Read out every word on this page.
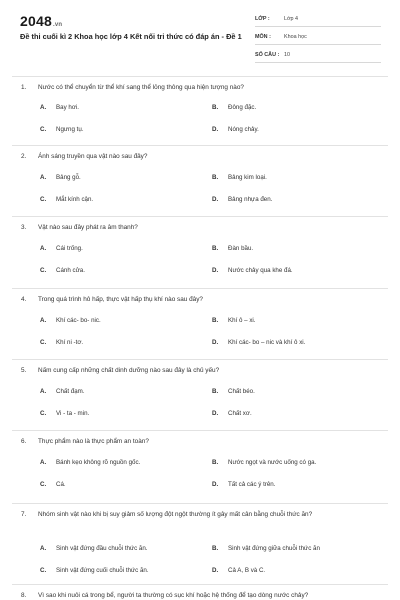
2048.vn
Đề thi cuối kì 2 Khoa học lớp 4 Kết nối tri thức có đáp án - Đề 1
LỚP :	Lớp 4
MÔN : Khoa học
SỐ CÂU : 10
1. Nước có thể chuyển từ thể khí sang thể lỏng thông qua hiện tượng nào?
A. Bay hơi.	B. Đông đặc.
C. Ngưng tụ.	D. Nóng chảy.
2. Ánh sáng truyền qua vật nào sau đây?
A. Bảng gỗ.	B. Bảng kim loại.
C. Mắt kính cận.	D. Bảng nhựa đen.
3. Vật nào sau đây phát ra âm thanh?
A. Cái trống.	B. Đàn bầu.
C. Cánh cửa.	D. Nước chảy qua khe đá.
4. Trong quá trình hô hấp, thực vật hấp thụ khí nào sau đây?
A. Khí các- bo- nic.	B. Khí ô – xi.
C. Khí ni -tơ.	D. Khí các- bo – nic và khí ô xi.
5. Nấm cung cấp những chất dinh dưỡng nào sau đây là chủ yếu?
A. Chất đạm.	B. Chất béo.
C. Vi - ta - min.	D. Chất xơ.
6. Thực phẩm nào là thực phẩm an toàn?
A. Bánh kẹo không rõ nguồn gốc.	B. Nước ngọt và nước uống có ga.
C. Cá.	D. Tất cả các ý trên.
7. Nhóm sinh vật nào khi bị suy giảm số lượng đột ngột thường ít gây mất cân bằng chuỗi thức ăn?
A. Sinh vật đứng đầu chuỗi thức ăn.	B. Sinh vật đứng giữa chuỗi thức ăn
C. Sinh vật đứng cuối chuỗi thức ăn.	D. Cả A, B và C.
8. Vì sao khi nuôi cá trong bể, người ta thường có sục khí hoặc hệ thống để tạo dòng nước chảy?
